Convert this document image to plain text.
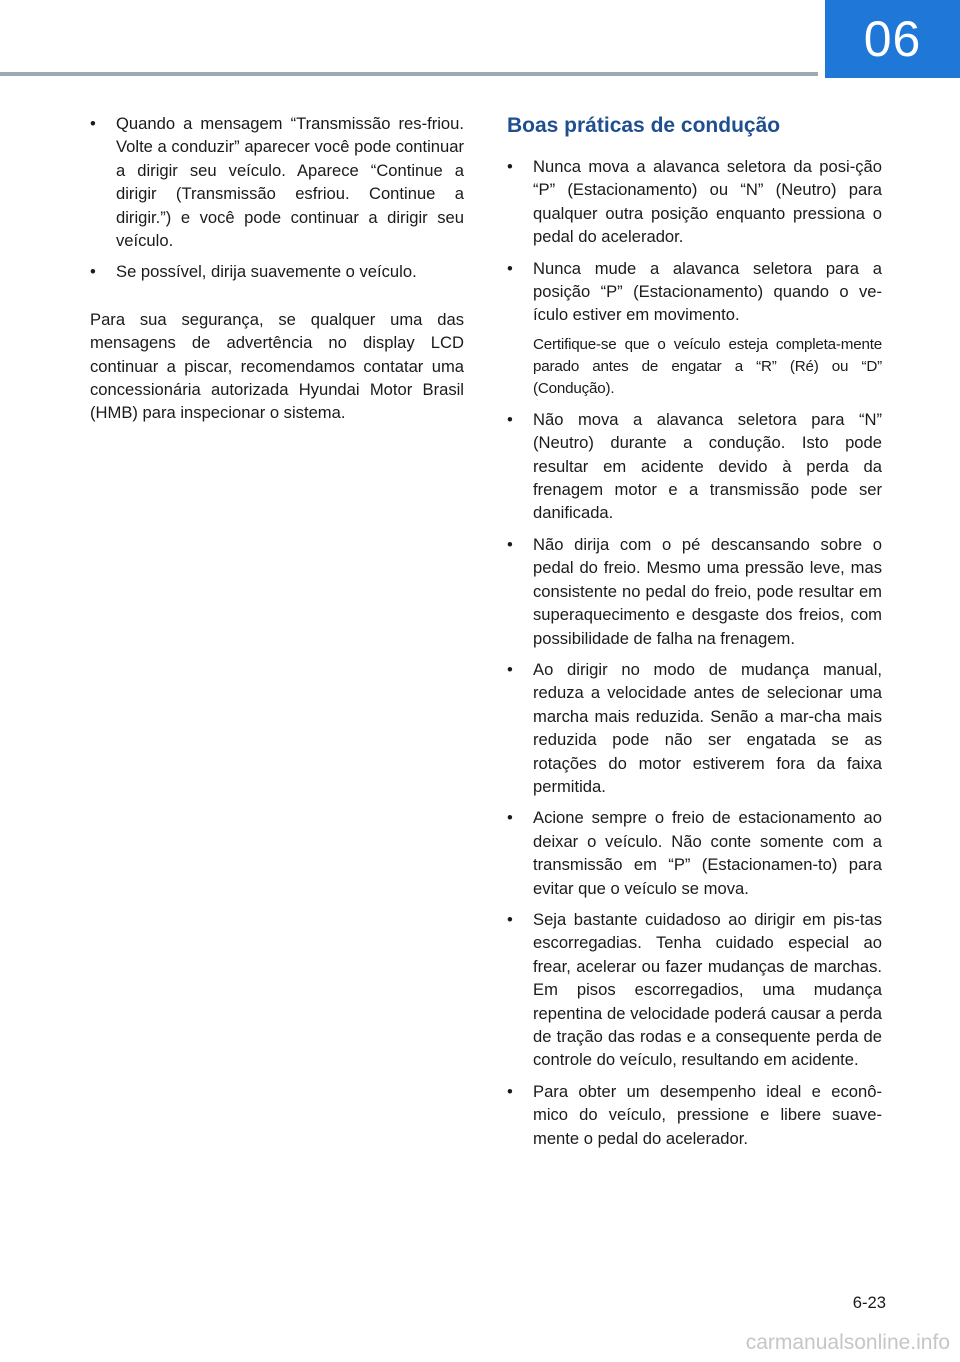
06
•	Quando a mensagem “Transmissão res-friou. Volte a conduzir” aparecer você pode continuar a dirigir seu veículo. Aparece “Continue a dirigir (Transmissão esfriou. Continue a dirigir.”) e você pode continuar a dirigir seu veículo.
•	Se possível, dirija suavemente o veículo.

Para sua segurança, se qualquer uma das mensagens de advertência no display LCD continuar a piscar, recomendamos contatar uma concessionária autorizada Hyundai Motor Brasil (HMB) para inspecionar o sistema.

Boas práticas de condução
•	Nunca mova a alavanca seletora da posi-ção “P” (Estacionamento) ou “N” (Neutro) para qualquer outra posição enquanto pressiona o pedal do acelerador.
•	Nunca mude a alavanca seletora para a posição “P” (Estacionamento) quando o ve-ículo estiver em movimento.

Certifique-se que o veículo esteja completa-mente parado antes de engatar a “R” (Ré) ou “D” (Condução).

•	Não mova a alavanca seletora para “N” (Neutro) durante a condução. Isto pode resultar em acidente devido à perda da frenagem motor e a transmissão pode ser danificada.
•	Não dirija com o pé descansando sobre o pedal do freio. Mesmo uma pressão leve, mas consistente no pedal do freio, pode resultar em superaquecimento e desgaste dos freios, com possibilidade de falha na frenagem.
•	Ao dirigir no modo de mudança manual, reduza a velocidade antes de selecionar uma marcha mais reduzida. Senão a mar-cha mais reduzida pode não ser engatada se as rotações do motor estiverem fora da faixa permitida.
•	Acione sempre o freio de estacionamento ao deixar o veículo. Não conte somente com a transmissão em “P” (Estacionamen-to) para evitar que o veículo se mova.
•	Seja bastante cuidadoso ao dirigir em pis-tas escorregadias. Tenha cuidado especial ao frear, acelerar ou fazer mudanças de marchas. Em pisos escorregadios, uma mudança repentina de velocidade poderá causar a perda de tração das rodas e a consequente perda de controle do veículo, resultando em acidente.
•	Para obter um desempenho ideal e econô-mico do veículo, pressione e libere suave-mente o pedal do acelerador.
6-23
carmanualsonline.info
